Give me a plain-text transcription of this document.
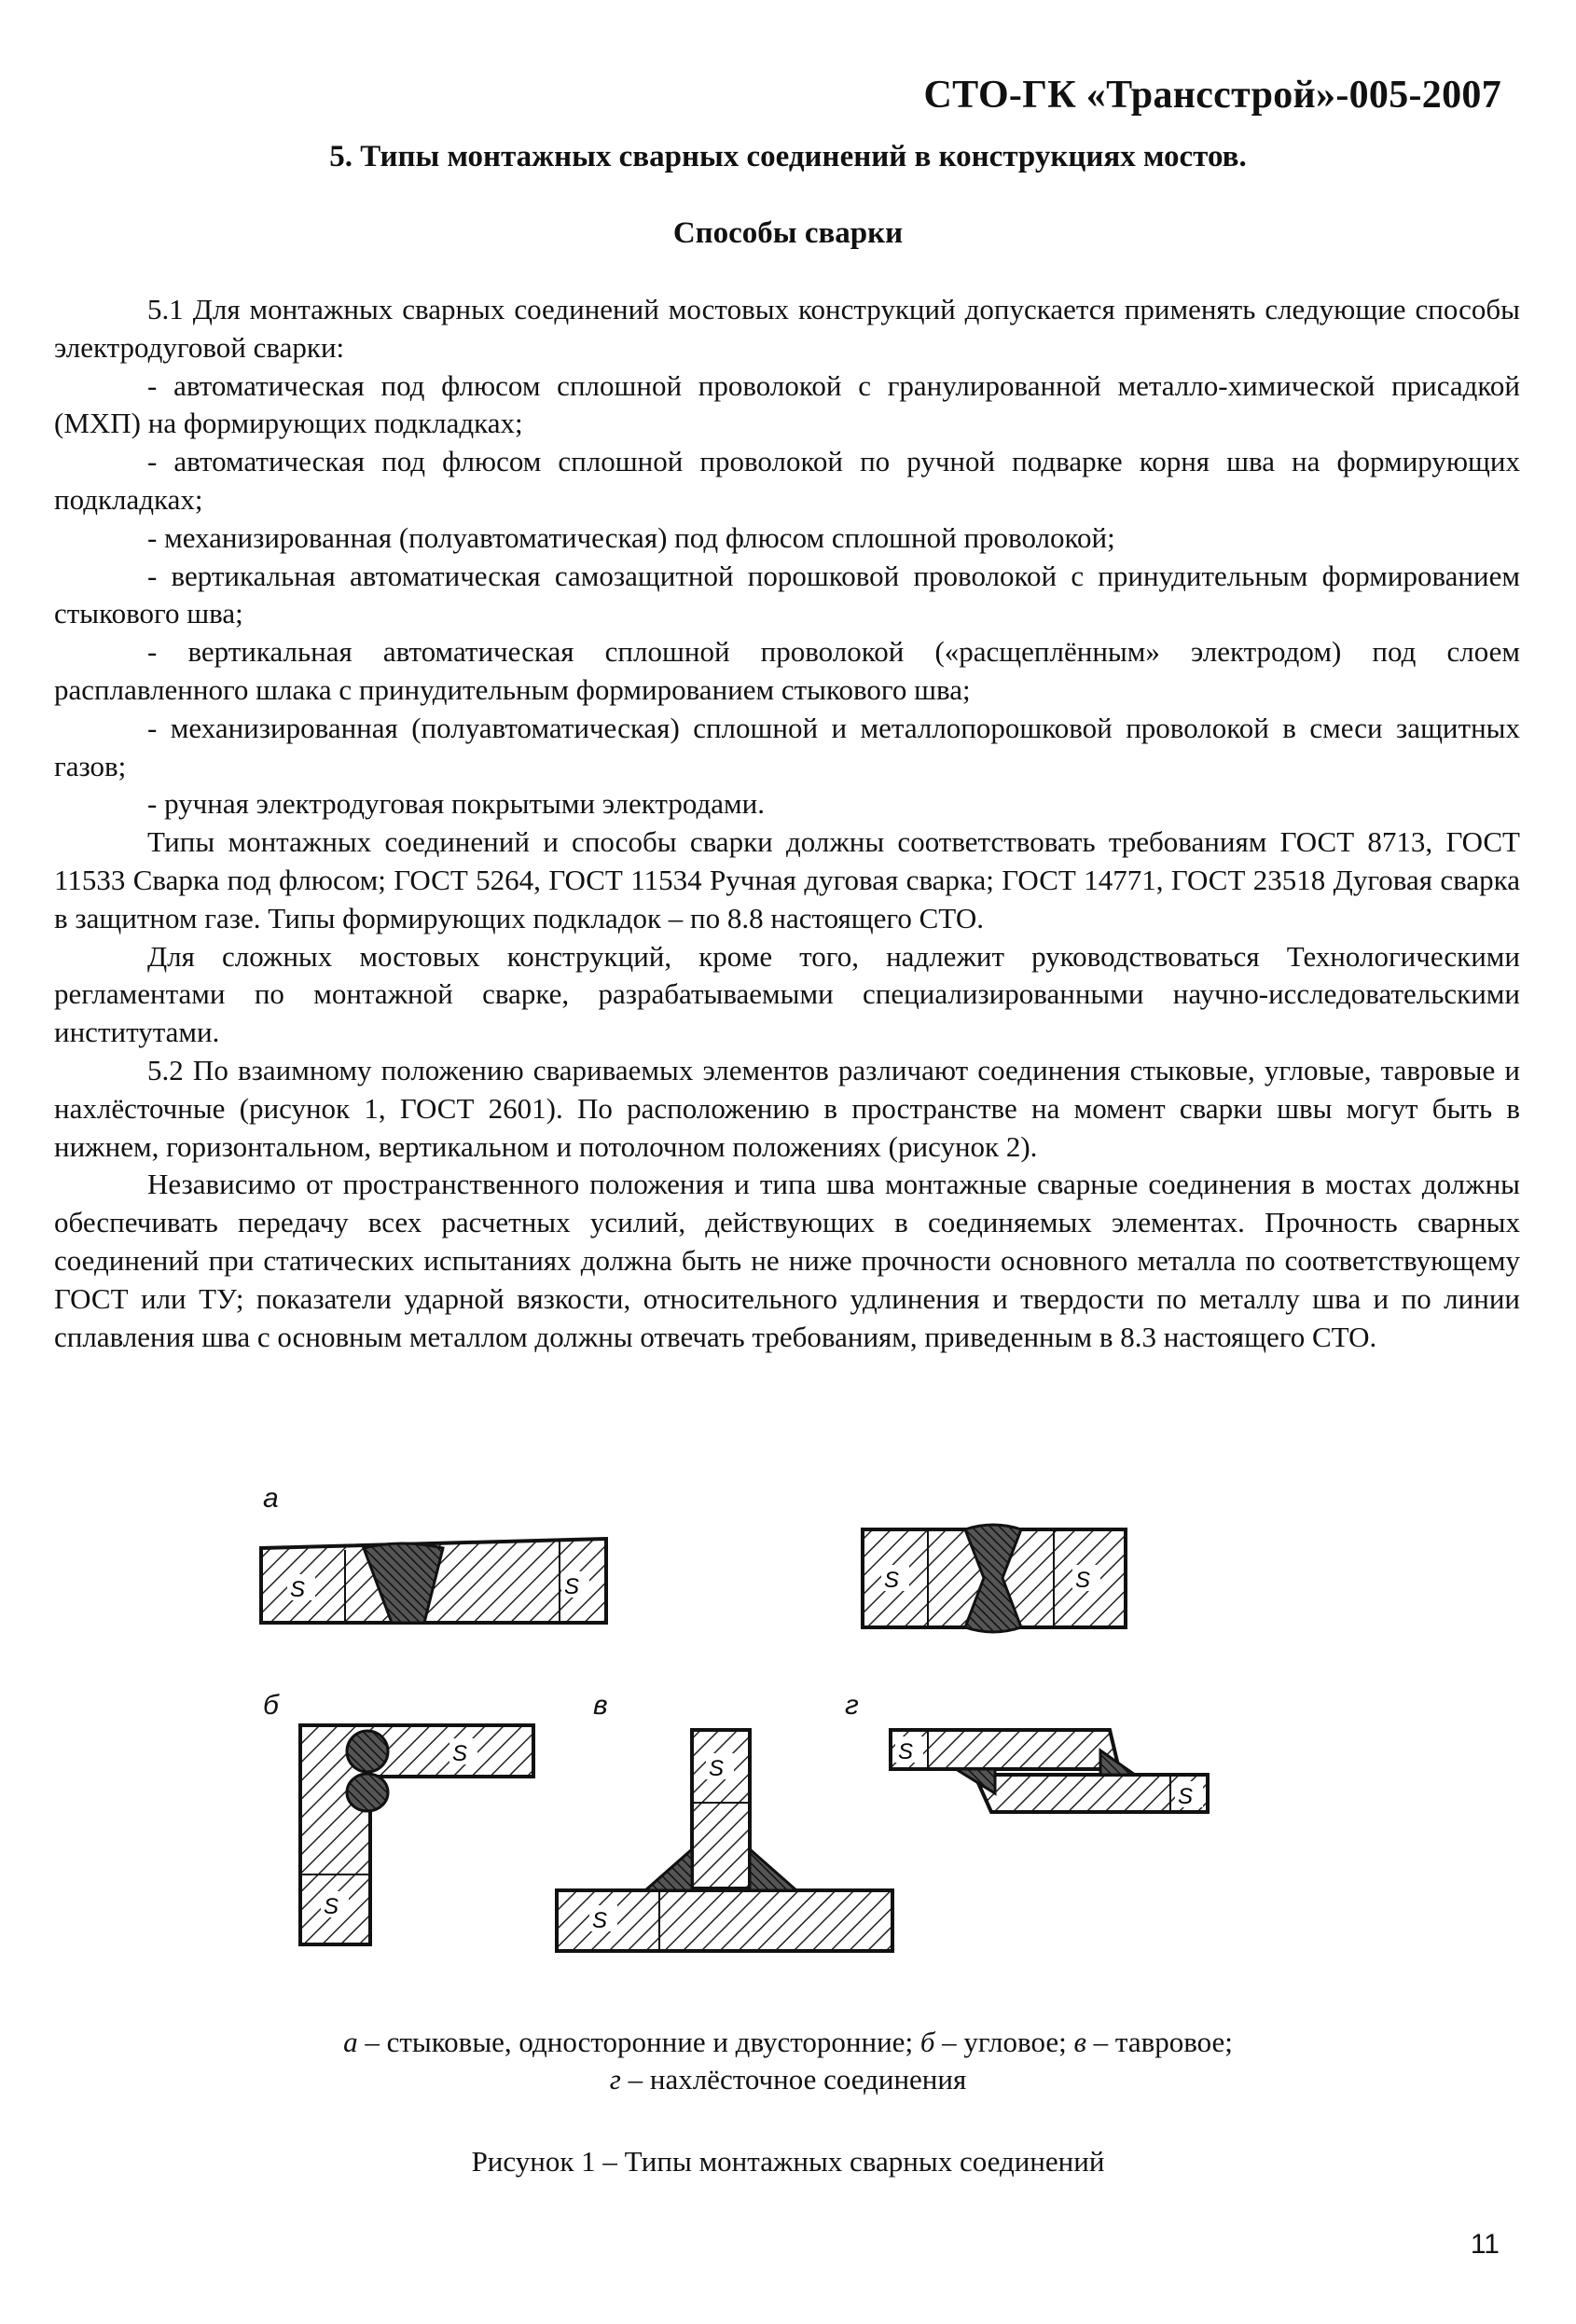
СТО-ГК «Трансстрой»-005-2007
5. Типы монтажных сварных соединений в конструкциях мостов.
Способы сварки

5.1 Для монтажных сварных соединений мостовых конструкций допускается применять следующие способы электродуговой сварки:

- автоматическая под флюсом сплошной проволокой с гранулированной металло-химической присадкой (МХП) на формирующих подкладках;

- автоматическая под флюсом сплошной проволокой по ручной подварке корня шва на формирующих подкладках;

- механизированная (полуавтоматическая) под флюсом сплошной проволокой;

- вертикальная автоматическая самозащитной порошковой проволокой с принудительным формированием стыкового шва;

- вертикальная автоматическая сплошной проволокой («расщеплённым» электродом) под слоем расплавленного шлака с принудительным формированием стыкового шва;

- механизированная (полуавтоматическая) сплошной и металлопорошковой проволокой в смеси защитных газов;

- ручная электродуговая покрытыми электродами.

Типы монтажных соединений и способы сварки должны соответствовать требованиям ГОСТ 8713, ГОСТ 11533 Сварка под флюсом; ГОСТ 5264, ГОСТ 11534 Ручная дуговая сварка; ГОСТ 14771, ГОСТ 23518 Дуговая сварка в защитном газе. Типы формирующих подкладок – по 8.8 настоящего СТО.

Для сложных мостовых конструкций, кроме того, надлежит руководствоваться Технологическими регламентами по монтажной сварке, разрабатываемыми специализированными научно-исследовательскими институтами.

5.2 По взаимному положению свариваемых элементов различают соединения стыковые, угловые, тавровые и нахлёсточные (рисунок 1, ГОСТ 2601). По расположению в пространстве на момент сварки швы могут быть в нижнем, горизонтальном, вертикальном и потолочном положениях (рисунок 2).

Независимо от пространственного положения и типа шва монтажные сварные соединения в мостах должны обеспечивать передачу всех расчетных усилий, действующих в соединяемых элементах. Прочность сварных соединений при статических испытаниях должна быть не ниже прочности основного металла по соответствующему ГОСТ или ТУ; показатели ударной вязкости, относительного удлинения и твердости по металлу шва и по линии сплавления шва с основным металлом должны отвечать требованиям, приведенным в 8.3 настоящего СТО.

а
б	в	г
S	S	S	S
S
S
S
S
S
S
а – стыковые, односторонние и двусторонние; б – угловое; в – тавровое;
г – нахлёсточное соединения
Рисунок 1 – Типы монтажных сварных соединений
11
